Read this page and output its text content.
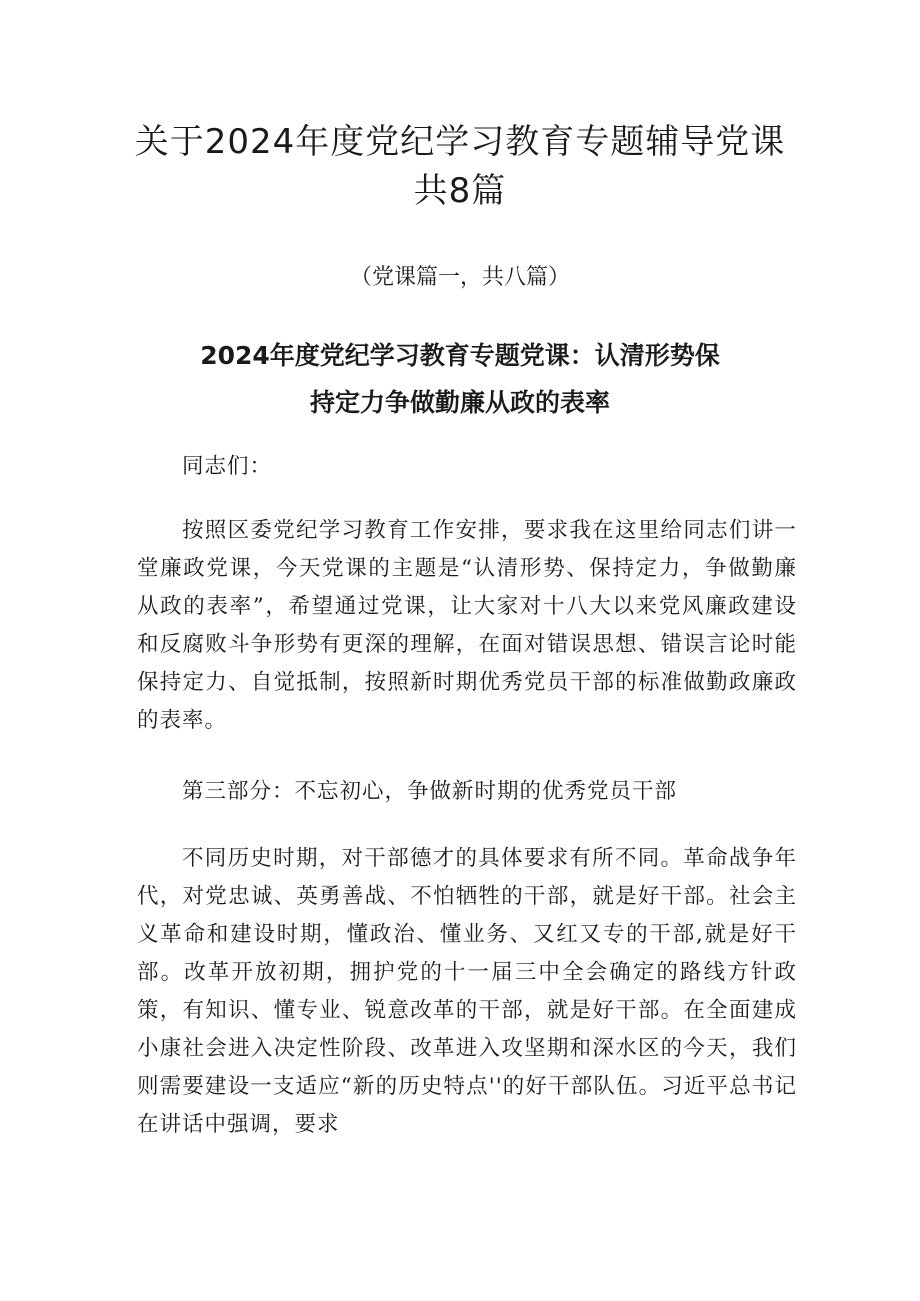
关于2024年度党纪学习教育专题辅导党课
共8篇

（党课篇一，共八篇）

2024年度党纪学习教育专题党课：认清形势保
持定力争做勤廉从政的表率

同志们：

按照区委党纪学习教育工作安排，要求我在这里给同志们讲一堂廉政党课，今天党课的主题是“认清形势、保持定力，争做勤廉从政的表率”，希望通过党课，让大家对十八大以来党风廉政建设和反腐败斗争形势有更深的理解，在面对错误思想、错误言论时能保持定力、自觉抵制，按照新时期优秀党员干部的标准做勤政廉政的表率。

第三部分：不忘初心，争做新时期的优秀党员干部

不同历史时期，对干部德才的具体要求有所不同。革命战争年代，对党忠诚、英勇善战、不怕牺牲的干部，就是好干部。社会主义革命和建设时期，懂政治、懂业务、又红又专的干部,就是好干部。改革开放初期，拥护党的十一届三中全会确定的路线方针政策，有知识、懂专业、锐意改革的干部，就是好干部。在全面建成小康社会进入决定性阶段、改革进入攻坚期和深水区的今天，我们则需要建设一支适应“新的历史特点''的好干部队伍。习近平总书记在讲话中强调，要求
